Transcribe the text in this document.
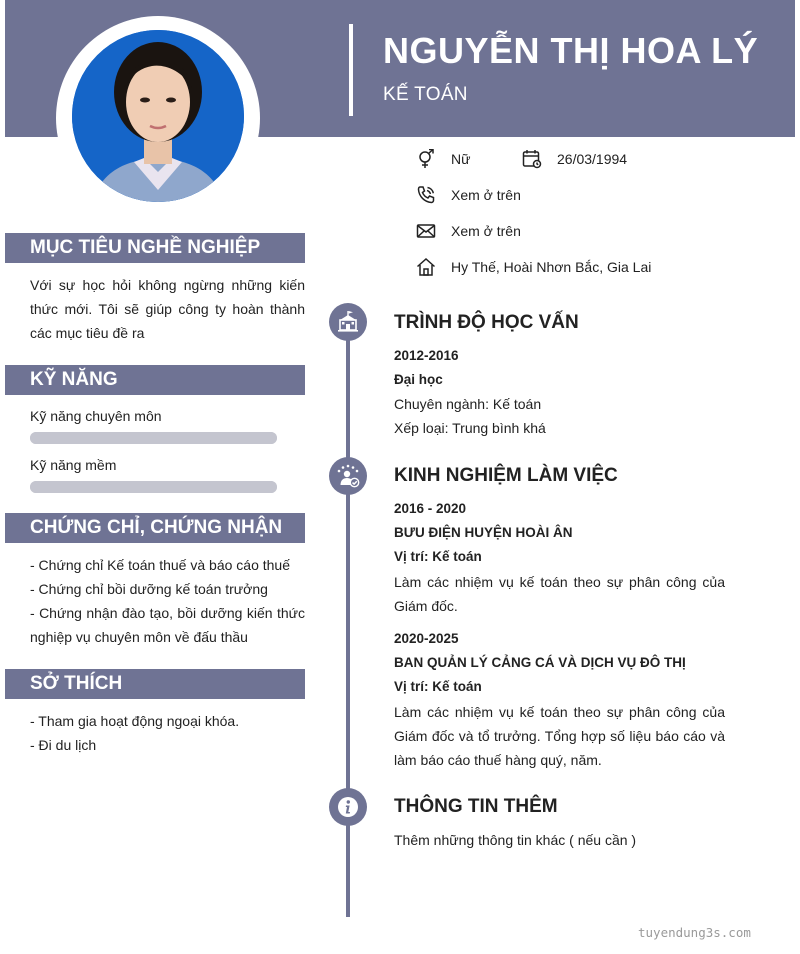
NGUYỄN THỊ HOA LÝ
KẾ TOÁN
Nữ	26/03/1994
Xem ở trên
Xem ở trên
Hy Thế, Hoài Nhơn Bắc, Gia Lai
MỤC TIÊU NGHỀ NGHIỆP
Với sự học hỏi không ngừng những kiến thức mới. Tôi sẽ giúp công ty hoàn thành các mục tiêu đề ra
KỸ NĂNG
Kỹ năng chuyên môn
Kỹ năng mềm
CHỨNG CHỈ, CHỨNG NHẬN
- Chứng chỉ Kế toán thuế và báo cáo thuế
- Chứng chỉ bồi dưỡng kế toán trưởng
- Chứng nhận đào tạo, bồi dưỡng kiến thức nghiệp vụ chuyên môn về đấu thầu
SỞ THÍCH
- Tham gia hoạt động ngoại khóa.
- Đi du lịch
TRÌNH ĐỘ HỌC VẤN
2012-2016
Đại học
Chuyên ngành: Kế toán
Xếp loại: Trung bình khá
KINH NGHIỆM LÀM VIỆC
2016 - 2020
BƯU ĐIỆN HUYỆN HOÀI ÂN
Vị trí: Kế toán
Làm các nhiệm vụ kế toán theo sự phân công của Giám đốc.
2020-2025
BAN QUẢN LÝ CẢNG CÁ VÀ DỊCH VỤ ĐÔ THỊ
Vị trí: Kế toán
Làm các nhiệm vụ kế toán theo sự phân công của Giám đốc và tổ trưởng. Tổng hợp số liệu báo cáo và làm báo cáo thuế hàng quý, năm.
THÔNG TIN THÊM
Thêm những thông tin khác ( nếu cần )
tuyendung3s.com
